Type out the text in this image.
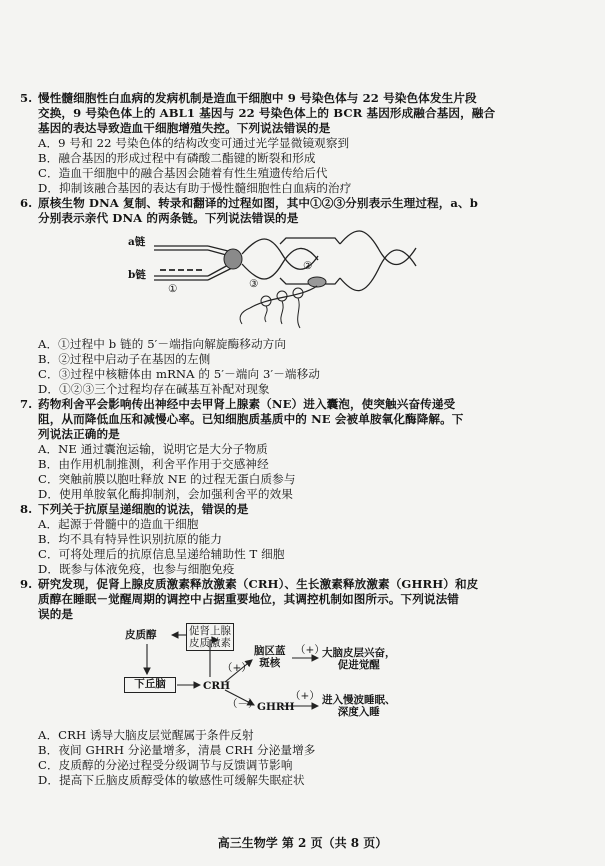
5. 慢性髓细胞性白血病的发病机制是造血干细胞中 9 号染色体与 22 号染色体发生片段
交换，9 号染色体上的 ABL1 基因与 22 号染色体上的 BCR 基因形成融合基因，融合
基因的表达导致造血干细胞增殖失控。下列说法错误的是
A．9 号和 22 号染色体的结构改变可通过光学显微镜观察到
B．融合基因的形成过程中有磷酸二酯键的断裂和形成
C．造血干细胞中的融合基因会随着有性生殖遗传给后代
D．抑制该融合基因的表达有助于慢性髓细胞性白血病的治疗
6. 原核生物 DNA 复制、转录和翻译的过程如图，其中①②③分别表示生理过程，a、b
分别表示亲代 DNA 的两条链。下列说法错误的是
a链
b链
①
②
③
A．①过程中 b 链的 5′－端指向解旋酶移动方向
B．②过程中启动子在基因的左侧
C．③过程中核糖体由 mRNA 的 5′－端向 3′－端移动
D．①②③三个过程均存在碱基互补配对现象
7. 药物利舍平会影响传出神经中去甲肾上腺素（NE）进入囊泡，使突触兴奋传递受
阻，从而降低血压和减慢心率。已知细胞质基质中的 NE 会被单胺氧化酶降解。下
列说法正确的是
A．NE 通过囊泡运输，说明它是大分子物质
B．由作用机制推测，利舍平作用于交感神经
C．突触前膜以胞吐释放 NE 的过程无蛋白质参与
D．使用单胺氧化酶抑制剂，会加强利舍平的效果
8. 下列关于抗原呈递细胞的说法，错误的是
A．起源于骨髓中的造血干细胞
B．均不具有特异性识别抗原的能力
C．可将处理后的抗原信息呈递给辅助性 T 细胞
D．既参与体液免疫，也参与细胞免疫
9. 研究发现，促肾上腺皮质激素释放激素（CRH）、生长激素释放激素（GHRH）和皮
质醇在睡眠－觉醒周期的调控中占据重要地位，其调控机制如图所示。下列说法错
误的是
皮质醇	促肾上腺
皮质激素
下丘脑	CRH
（+）
脑区蓝
斑核
（+）
大脑皮层兴奋，
促进觉醒
（－）
GHRH
（+） 进入慢波睡眠、
深度入睡
A．CRH 诱导大脑皮层觉醒属于条件反射
B．夜间 GHRH 分泌量增多，清晨 CRH 分泌量增多
C．皮质醇的分泌过程受分级调节与反馈调节影响
D．提高下丘脑皮质醇受体的敏感性可缓解失眠症状
高三生物学 第 2 页（共 8 页）
